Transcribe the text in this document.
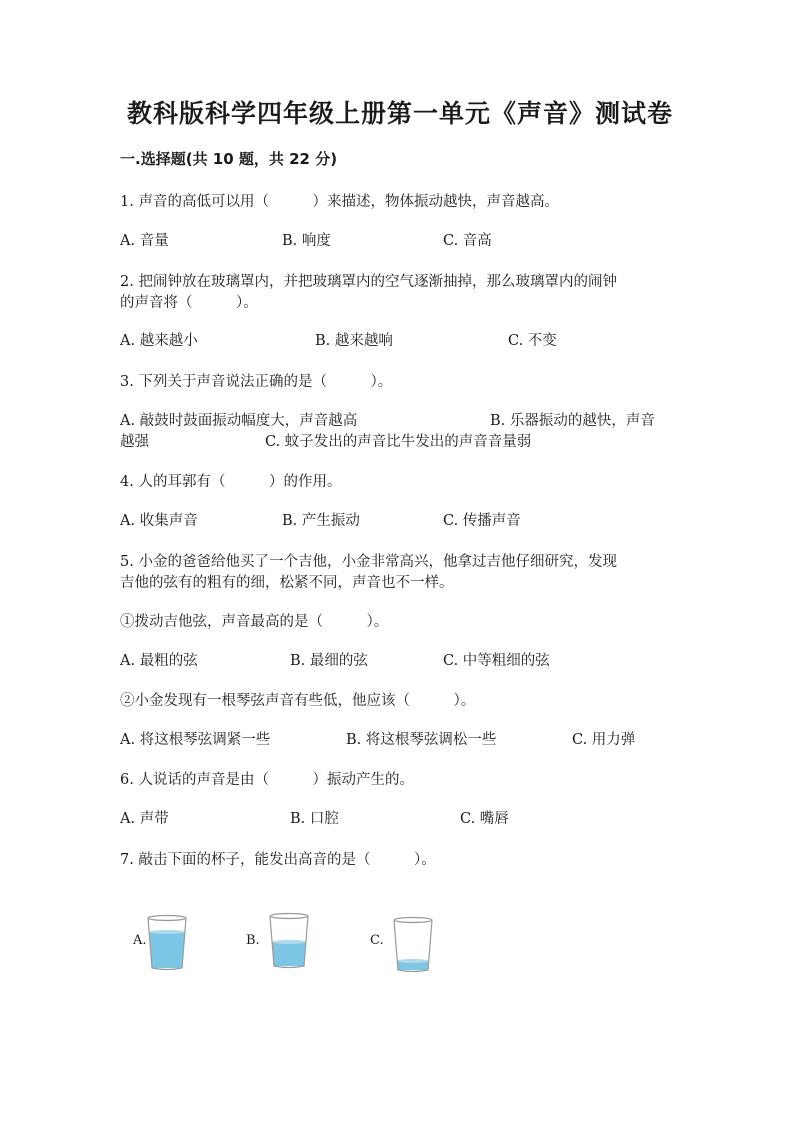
教科版科学四年级上册第一单元《声音》测试卷
一.选择题(共 10 题，共 22 分)
1. 声音的高低可以用（　　　）来描述，物体振动越快，声音越高。
A. 音量	B. 响度	C. 音高
2. 把闹钟放在玻璃罩内，并把玻璃罩内的空气逐渐抽掉，那么玻璃罩内的闹钟
的声音将（　　　）。
A. 越来越小	B. 越来越响	C. 不变
3. 下列关于声音说法正确的是（　　　）。
A. 敲鼓时鼓面振动幅度大，声音越高	B. 乐器振动的越快，声音
越强	C. 蚊子发出的声音比牛发出的声音音量弱
4. 人的耳郭有（　　　）的作用。
A. 收集声音	B. 产生振动	C. 传播声音
5. 小金的爸爸给他买了一个吉他，小金非常高兴，他拿过吉他仔细研究，发现
吉他的弦有的粗有的细，松紧不同，声音也不一样。
①拨动吉他弦，声音最高的是（　　　）。
A. 最粗的弦	B. 最细的弦	C. 中等粗细的弦
②小金发现有一根琴弦声音有些低，他应该（　　　）。
A. 将这根琴弦调紧一些	B. 将这根琴弦调松一些	C. 用力弹
6. 人说话的声音是由（　　　）振动产生的。
A. 声带	B. 口腔	C. 嘴唇
7. 敲击下面的杯子，能发出高音的是（　　　）。
A.	B.	C.
